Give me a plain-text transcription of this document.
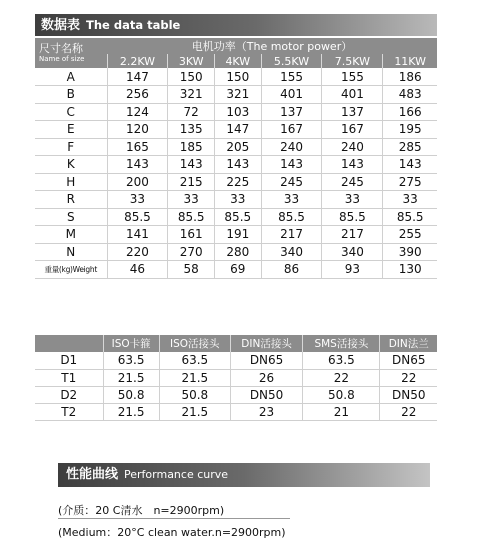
数据表 The data table
尺寸名称
Name of size	电机功率（The motor power）					
	2.2KW	3KW	4KW	5.5KW	7.5KW	11KW
A	147	150	150	155	155	186
B	256	321	321	401	401	483
C	124	72	103	137	137	166
E	120	135	147	167	167	195
F	165	185	205	240	240	285
K	143	143	143	143	143	143
H	200	215	225	245	245	275
R	33	33	33	33	33	33
S	85.5	85.5	85.5	85.5	85.5	85.5
M	141	161	191	217	217	255
N	220	270	280	340	340	390
重量(kg)Weight	46	58	69	86	93	130
	ISO卡箍	ISO活接头	DIN活接头	SMS活接头	DIN法兰
D1	63.5	63.5	DN65	63.5	DN65
T1	21.5	21.5	26	22	22
D2	50.8	50.8	DN50	50.8	DN50
T2	21.5	21.5	23	21	22
性能曲线 Performance curve
(介质：20 C清水　n=2900rpm)
(Medium：20°C clean water.n=2900rpm)
